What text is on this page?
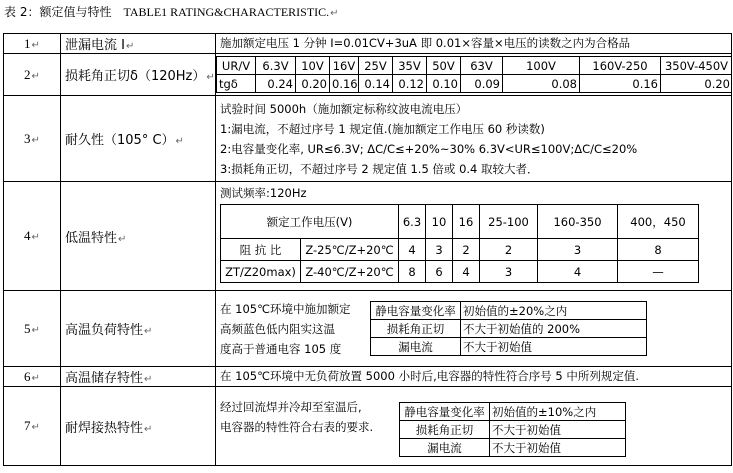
表 2：额定值与特性 TABLE1 RATING&CHARACTERISTIC.↵
1↵	泄漏电流 I↵	施加额定电压 1 分钟 I=0.01CV+3uA 即 0.01×容量×电压的读数之内为合格品

2↵	损耗角正切δ（120Hz）↵	
UR/V	6.3V	10V	16V	25V	35V	50V	63V	100V	160V-250	350V-450V
tgδ	0.24	0.20	0.16	0.14	0.12	0.10	0.09	0.08	0.16	0.20

3↵	耐久性（105° C）↵	
试验时间 5000h（施加额定标称纹波电流电压）
1:漏电流，不超过序号 1 规定值.(施加额定工作电压 60 秒读数)
2:电容量变化率, UR≤6.3V; ΔC/C≤+20%~30% 6.3V<UR≤100V;ΔC/C≤20%
3:损耗角正切，不超过序号 2 规定值 1.5 倍或 0.4 取较大者．

4↵	低温特性↵	
测试频率:120Hz
额定工作电压(V)	6.3	10	16	25-100	160-350	400，450
阻 抗 比	Z-25℃/Z+20℃	4	3	2	2	3	8
ZT/Z20max)	Z-40℃/Z+20℃	8	6	4	3	4	—

5↵	高温负荷特性↵	
在 105℃环境中施加额定
高频蓝色低内阻实这温
度高于普通电容 105 度
静电容量变化率	初始值的±20%之内
损耗角正切	不大于初始值的 200%
漏电流	不大于初始值

6↵	高温储存特性↵	在 105℃环境中无负荷放置 5000 小时后,电容器的特性符合序号 5 中所列规定值.

7↵	耐焊接热特性↵	
经过回流焊并冷却至室温后,
电容器的特性符合右表的要求.
静电容量变化率	初始值的±10%之内
损耗角正切	不大于初始值
漏电流	不大于初始值
